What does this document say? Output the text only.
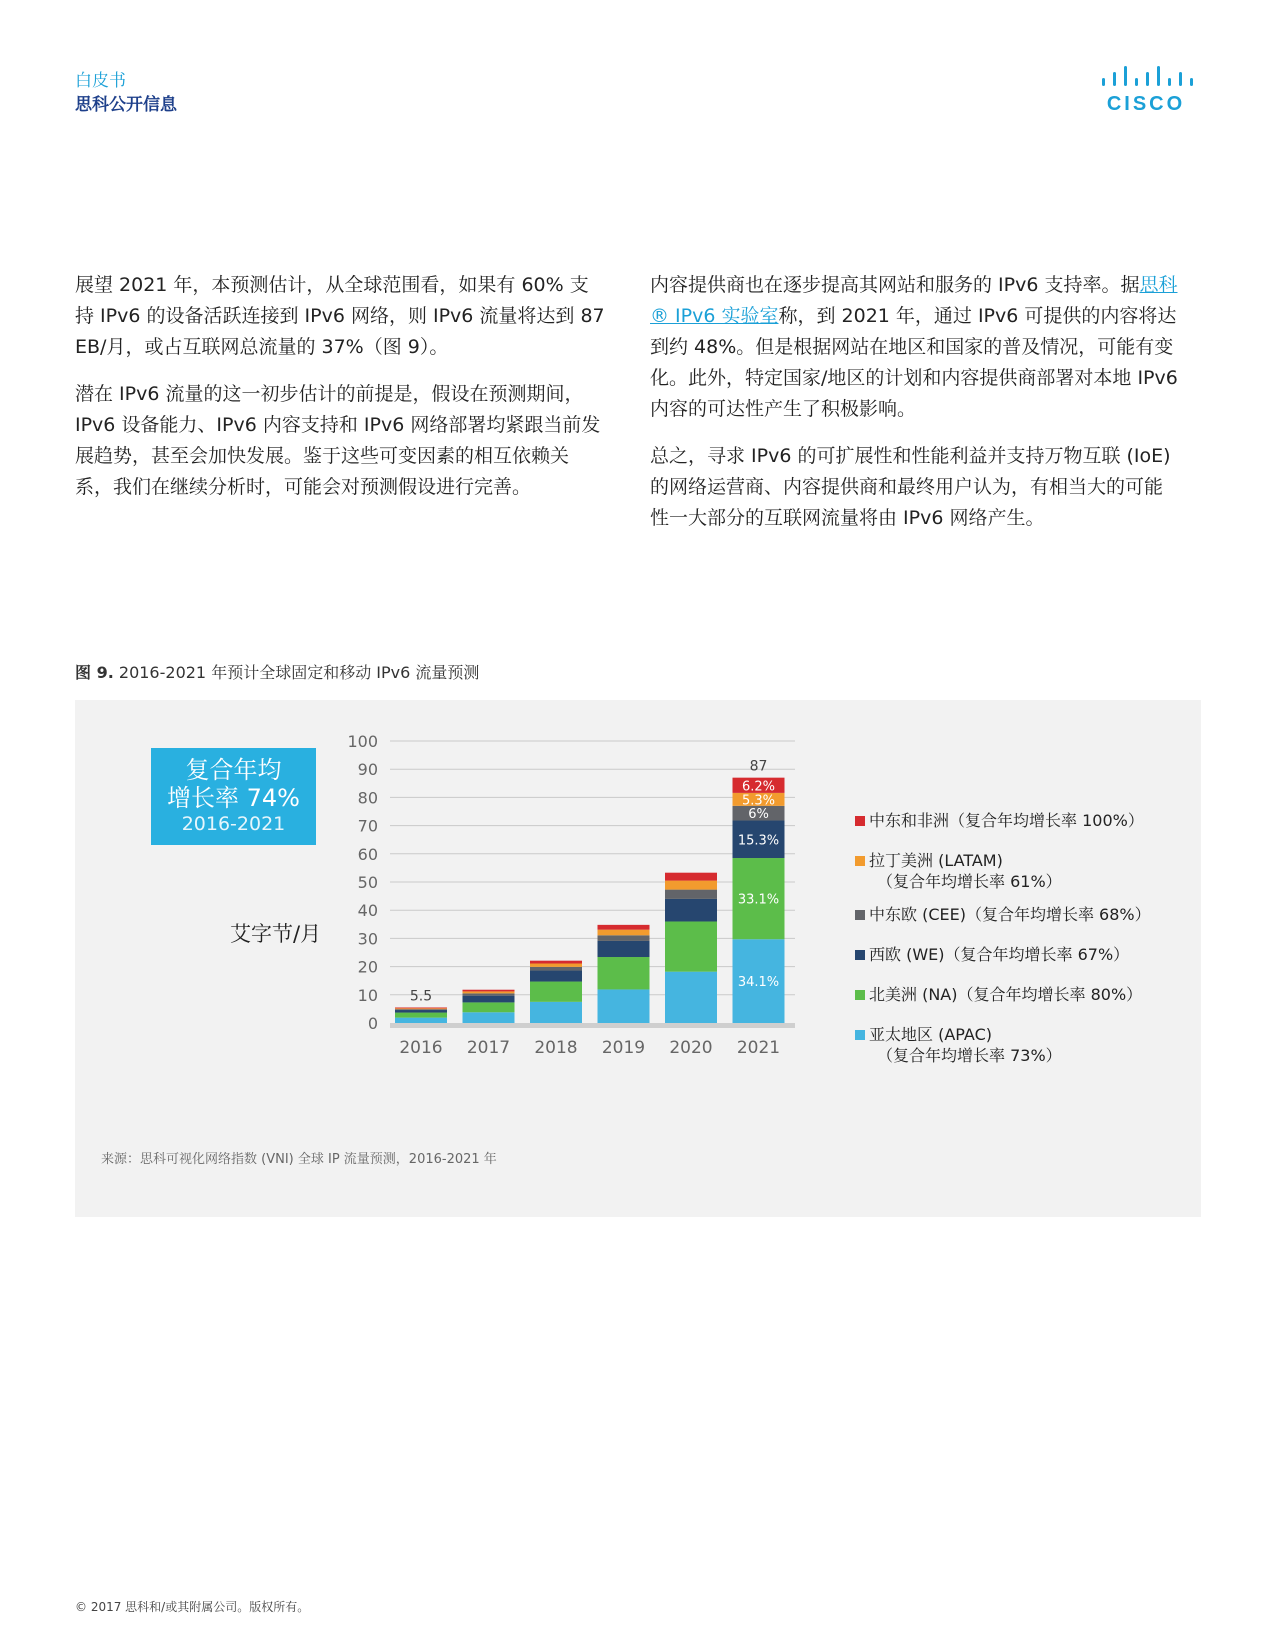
白皮书
思科公开信息	CISCO

展望 2021 年，本预测估计，从全球范围看，如果有 60% 支持 IPv6 的设备活跃连接到 IPv6 网络，则 IPv6 流量将达到 87 EB/月，或占互联网总流量的 37%（图 9）。

潜在 IPv6 流量的这一初步估计的前提是，假设在预测期间，IPv6 设备能力、IPv6 内容支持和 IPv6 网络部署均紧跟当前发展趋势，甚至会加快发展。鉴于这些可变因素的相互依赖关系，我们在继续分析时，可能会对预测假设进行完善。

内容提供商也在逐步提高其网站和服务的 IPv6 支持率。据思科® IPv6 实验室称，到 2021 年，通过 IPv6 可提供的内容将达到约 48%。但是根据网站在地区和国家的普及情况，可能有变化。此外，特定国家/地区的计划和内容提供商部署对本地 IPv6 内容的可达性产生了积极影响。

总之，寻求 IPv6 的可扩展性和性能利益并支持万物互联 (IoE) 的网络运营商、内容提供商和最终用户认为，有相当大的可能性一大部分的互联网流量将由 IPv6 网络产生。

图 9. 2016-2021 年预计全球固定和移动 IPv6 流量预测
复合年均
增长率 74%
2016-2021
艾字节/月
0
10
20
30
40
50
60
70
80
90
100
2016 2017 2018 2019 2020
34.1%
33.1%
15.3%
6%
5.3%
6.2%
2021
5.5
87
中东和非洲（复合年均增长率 100%）
拉丁美洲 (LATAM)
（复合年均增长率 61%）
中东欧 (CEE)（复合年均增长率 68%）
西欧 (WE)（复合年均增长率 67%）
北美洲 (NA)（复合年均增长率 80%）
亚太地区 (APAC)
（复合年均增长率 73%）
来源：思科可视化网络指数 (VNI) 全球 IP 流量预测，2016-2021 年
© 2017 思科和/或其附属公司。版权所有。
